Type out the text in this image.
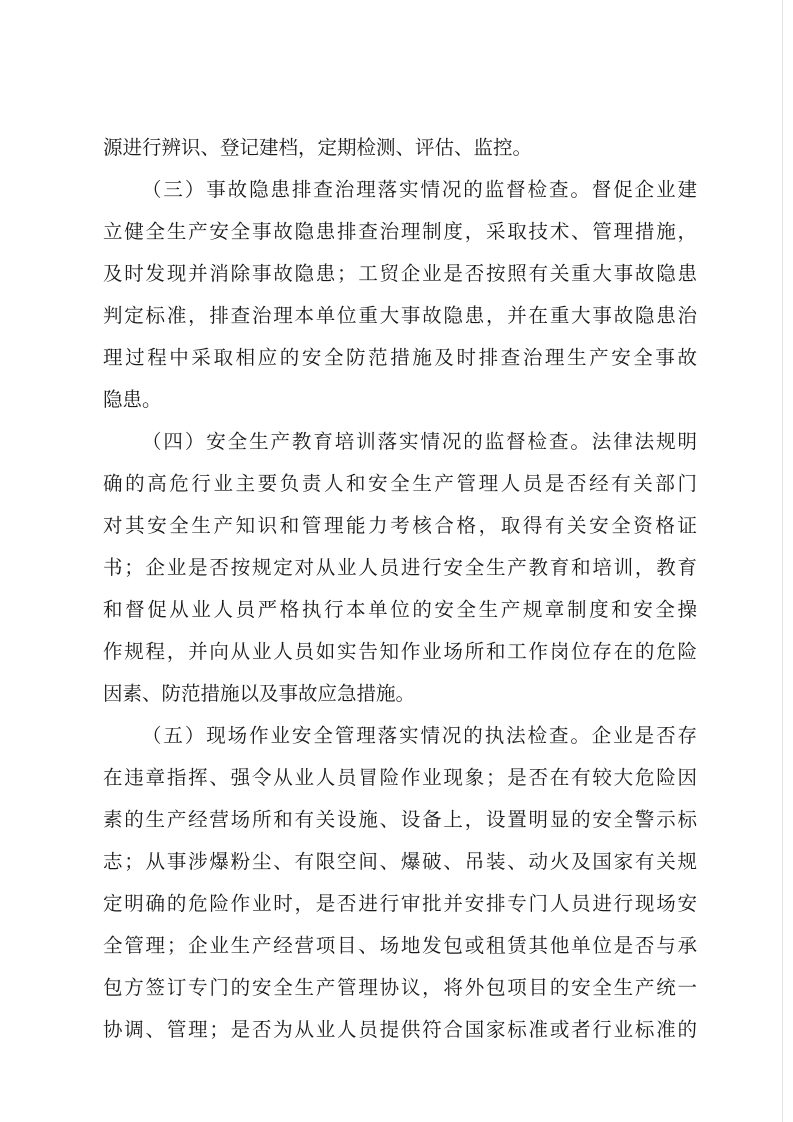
源进行辨识、登记建档，定期检测、评估、监控。
（三）事故隐患排查治理落实情况的监督检查。督促企业建
立健全生产安全事故隐患排查治理制度，采取技术、管理措施，
及时发现并消除事故隐患；工贸企业是否按照有关重大事故隐患
判定标准，排查治理本单位重大事故隐患，并在重大事故隐患治
理过程中采取相应的安全防范措施及时排查治理生产安全事故
隐患。
（四）安全生产教育培训落实情况的监督检查。法律法规明
确的高危行业主要负责人和安全生产管理人员是否经有关部门
对其安全生产知识和管理能力考核合格，取得有关安全资格证
书；企业是否按规定对从业人员进行安全生产教育和培训，教育
和督促从业人员严格执行本单位的安全生产规章制度和安全操
作规程，并向从业人员如实告知作业场所和工作岗位存在的危险
因素、防范措施以及事故应急措施。
（五）现场作业安全管理落实情况的执法检查。企业是否存
在违章指挥、强令从业人员冒险作业现象；是否在有较大危险因
素的生产经营场所和有关设施、设备上，设置明显的安全警示标
志；从事涉爆粉尘、有限空间、爆破、吊装、动火及国家有关规
定明确的危险作业时，是否进行审批并安排专门人员进行现场安
全管理；企业生产经营项目、场地发包或租赁其他单位是否与承
包方签订专门的安全生产管理协议，将外包项目的安全生产统一
协调、管理；是否为从业人员提供符合国家标准或者行业标准的
